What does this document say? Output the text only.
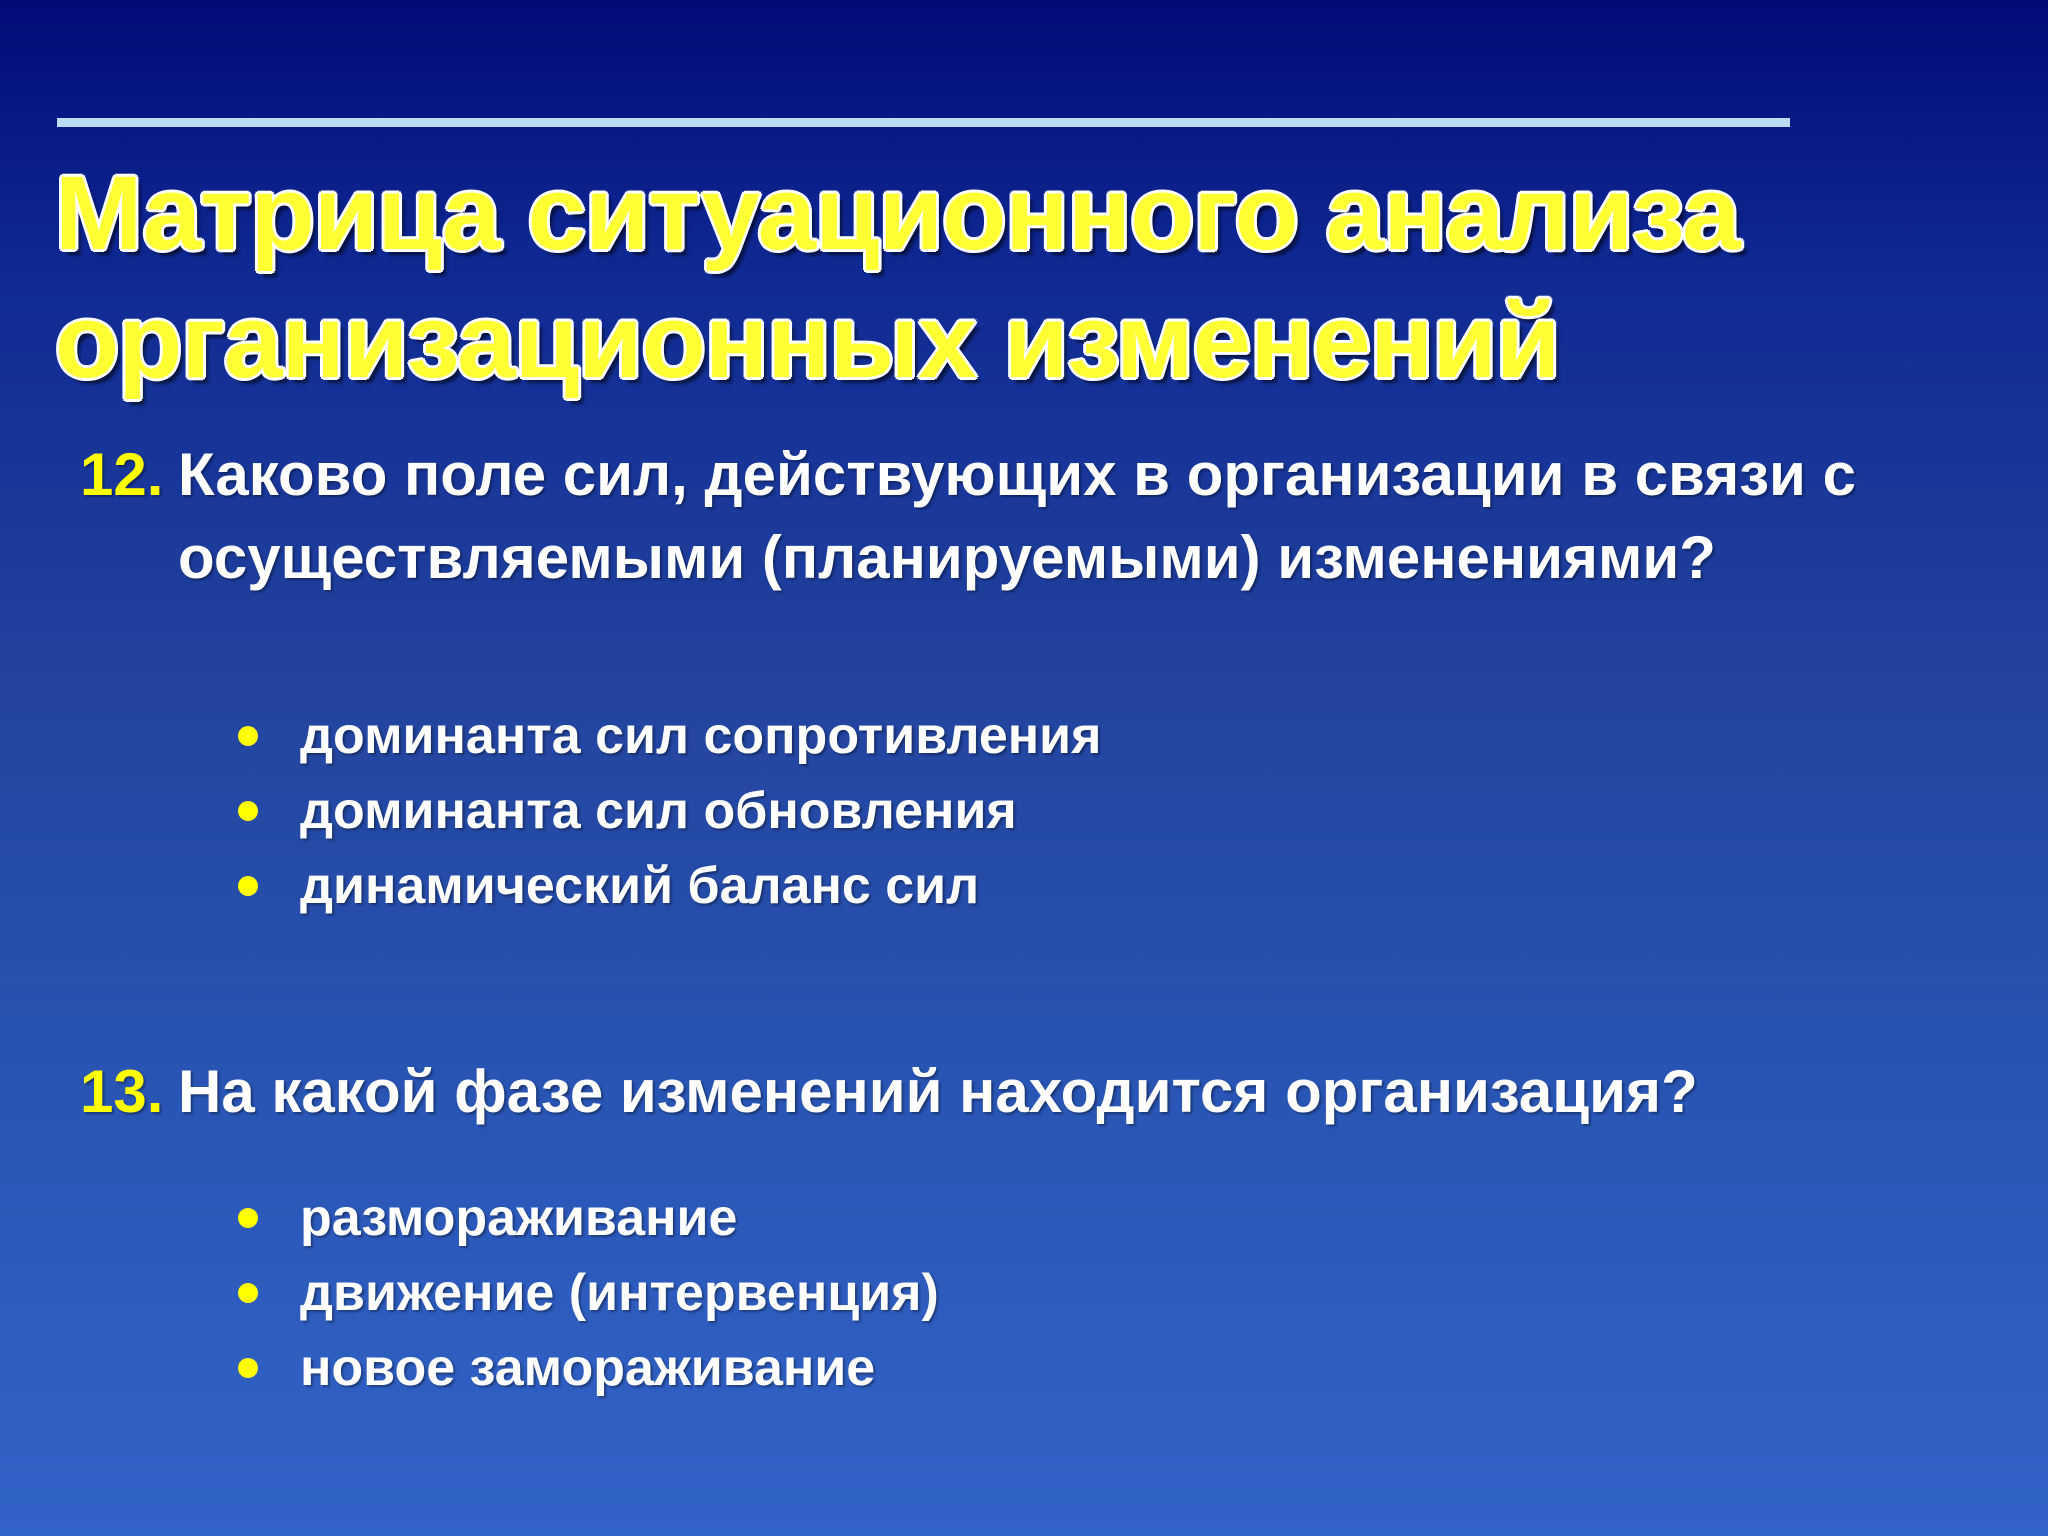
Матрица ситуационного анализа
организационных изменений
12. Каково поле сил, действующих в организации в связи с осуществляемыми (планируемыми) изменениями?
доминанта сил сопротивления
доминанта сил обновления
динамический баланс сил
13. На какой фазе изменений находится организация?
размораживание
движение (интервенция)
новое замораживание
